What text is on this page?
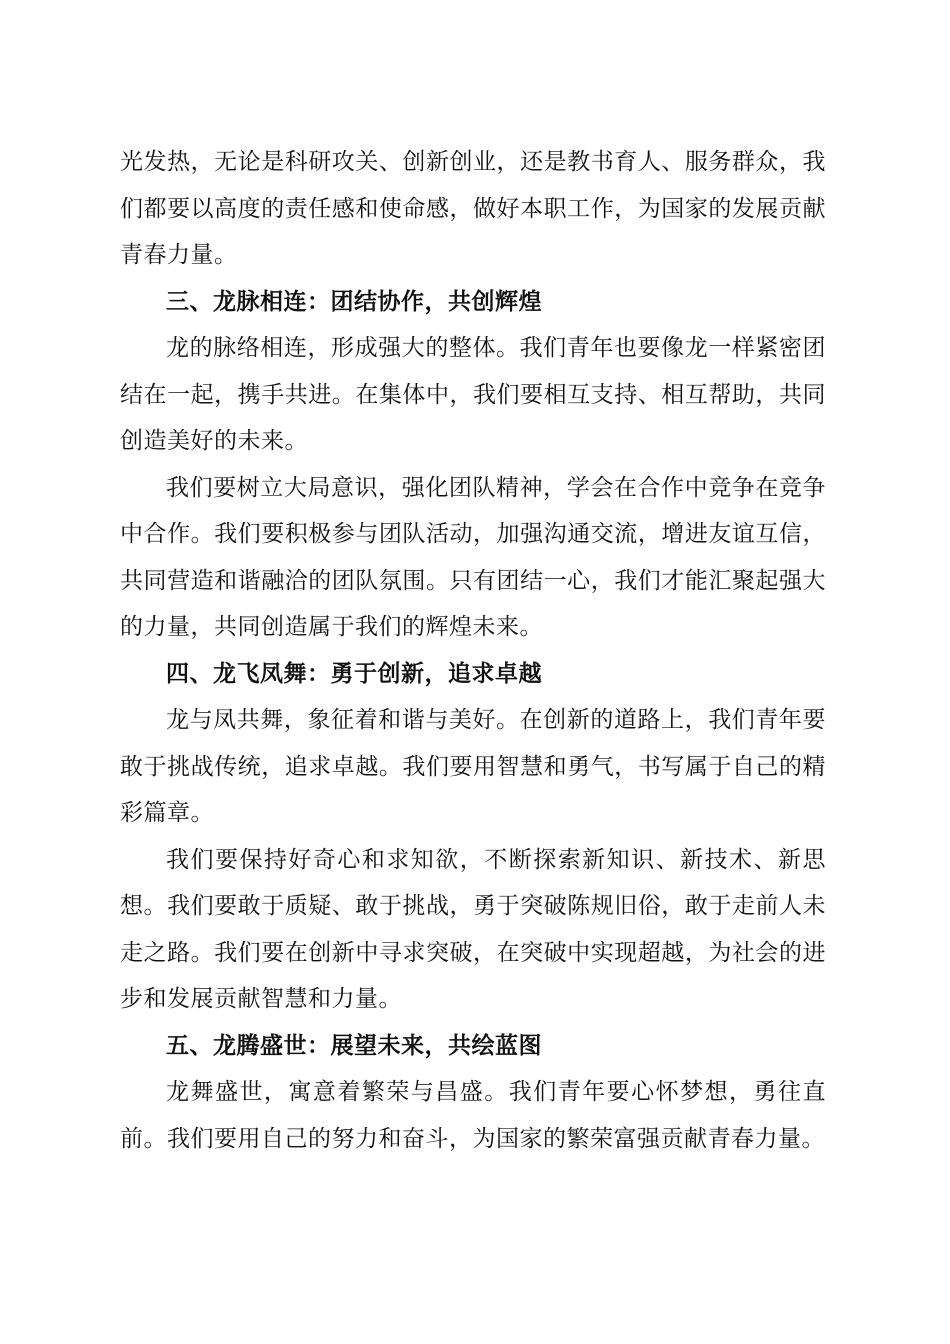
光发热，无论是科研攻关、创新创业，还是教书育人、服务群众，我们都要以高度的责任感和使命感，做好本职工作，为国家的发展贡献青春力量。

三、龙脉相连：团结协作，共创辉煌

龙的脉络相连，形成强大的整体。我们青年也要像龙一样紧密团结在一起，携手共进。在集体中，我们要相互支持、相互帮助，共同创造美好的未来。

我们要树立大局意识，强化团队精神，学会在合作中竞争在竞争中合作。我们要积极参与团队活动，加强沟通交流，增进友谊互信，共同营造和谐融洽的团队氛围。只有团结一心，我们才能汇聚起强大的力量，共同创造属于我们的辉煌未来。

四、龙飞凤舞：勇于创新，追求卓越

龙与凤共舞，象征着和谐与美好。在创新的道路上，我们青年要敢于挑战传统，追求卓越。我们要用智慧和勇气，书写属于自己的精彩篇章。

我们要保持好奇心和求知欲，不断探索新知识、新技术、新思想。我们要敢于质疑、敢于挑战，勇于突破陈规旧俗，敢于走前人未走之路。我们要在创新中寻求突破，在突破中实现超越，为社会的进步和发展贡献智慧和力量。

五、龙腾盛世：展望未来，共绘蓝图

龙舞盛世，寓意着繁荣与昌盛。我们青年要心怀梦想，勇往直前。我们要用自己的努力和奋斗，为国家的繁荣富强贡献青春力量。
